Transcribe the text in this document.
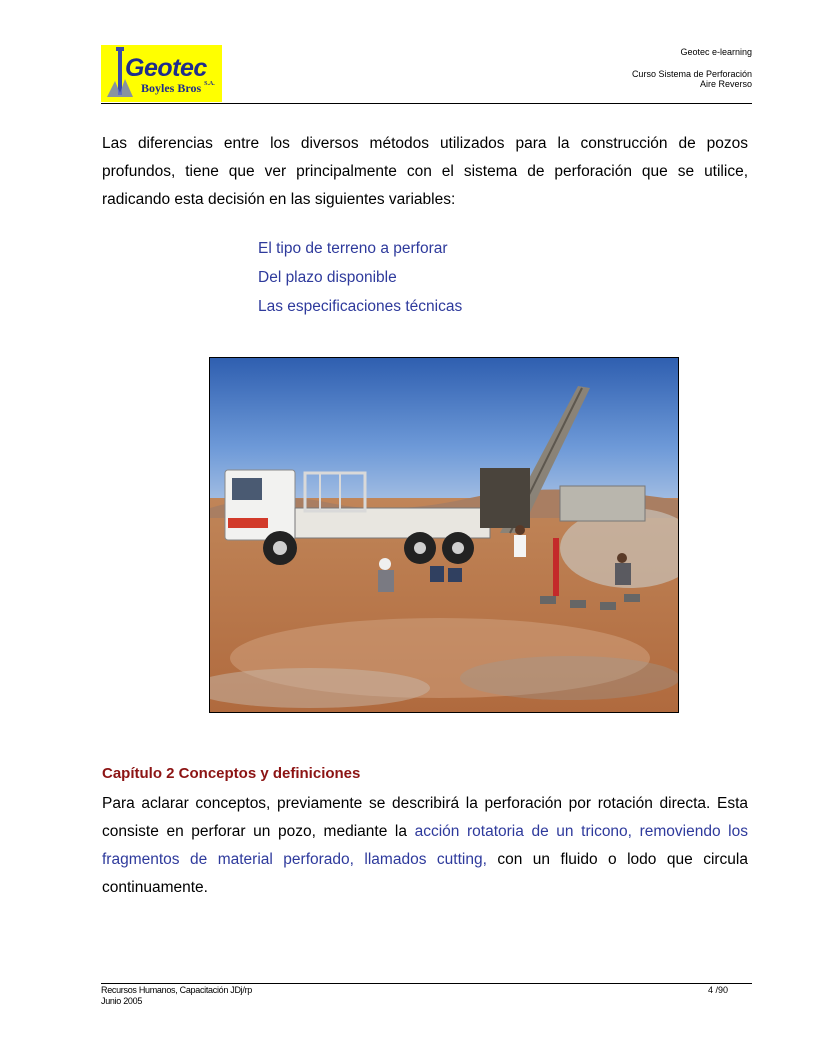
Geotec
Boyles Bros $^{S.A.}$
Geotec e-learning
Curso Sistema de Perforación
Aire Reverso

Las diferencias entre los diversos métodos utilizados para la construcción de pozos profundos, tiene que ver principalmente con el sistema de perforación que se utilice, radicando esta decisión en las siguientes variables:

El tipo de terreno a perforar
Del plazo disponible
Las especificaciones técnicas
Capítulo 2 Conceptos y definiciones

Para aclarar conceptos, previamente se describirá la perforación por rotación directa. Esta consiste en perforar un pozo, mediante la acción rotatoria de un tricono, removiendo los fragmentos de material perforado, llamados cutting, con un fluido o lodo que circula continuamente.

Recursos Humanos, Capacitación JDj/rp
Junio 2005
4 /90
